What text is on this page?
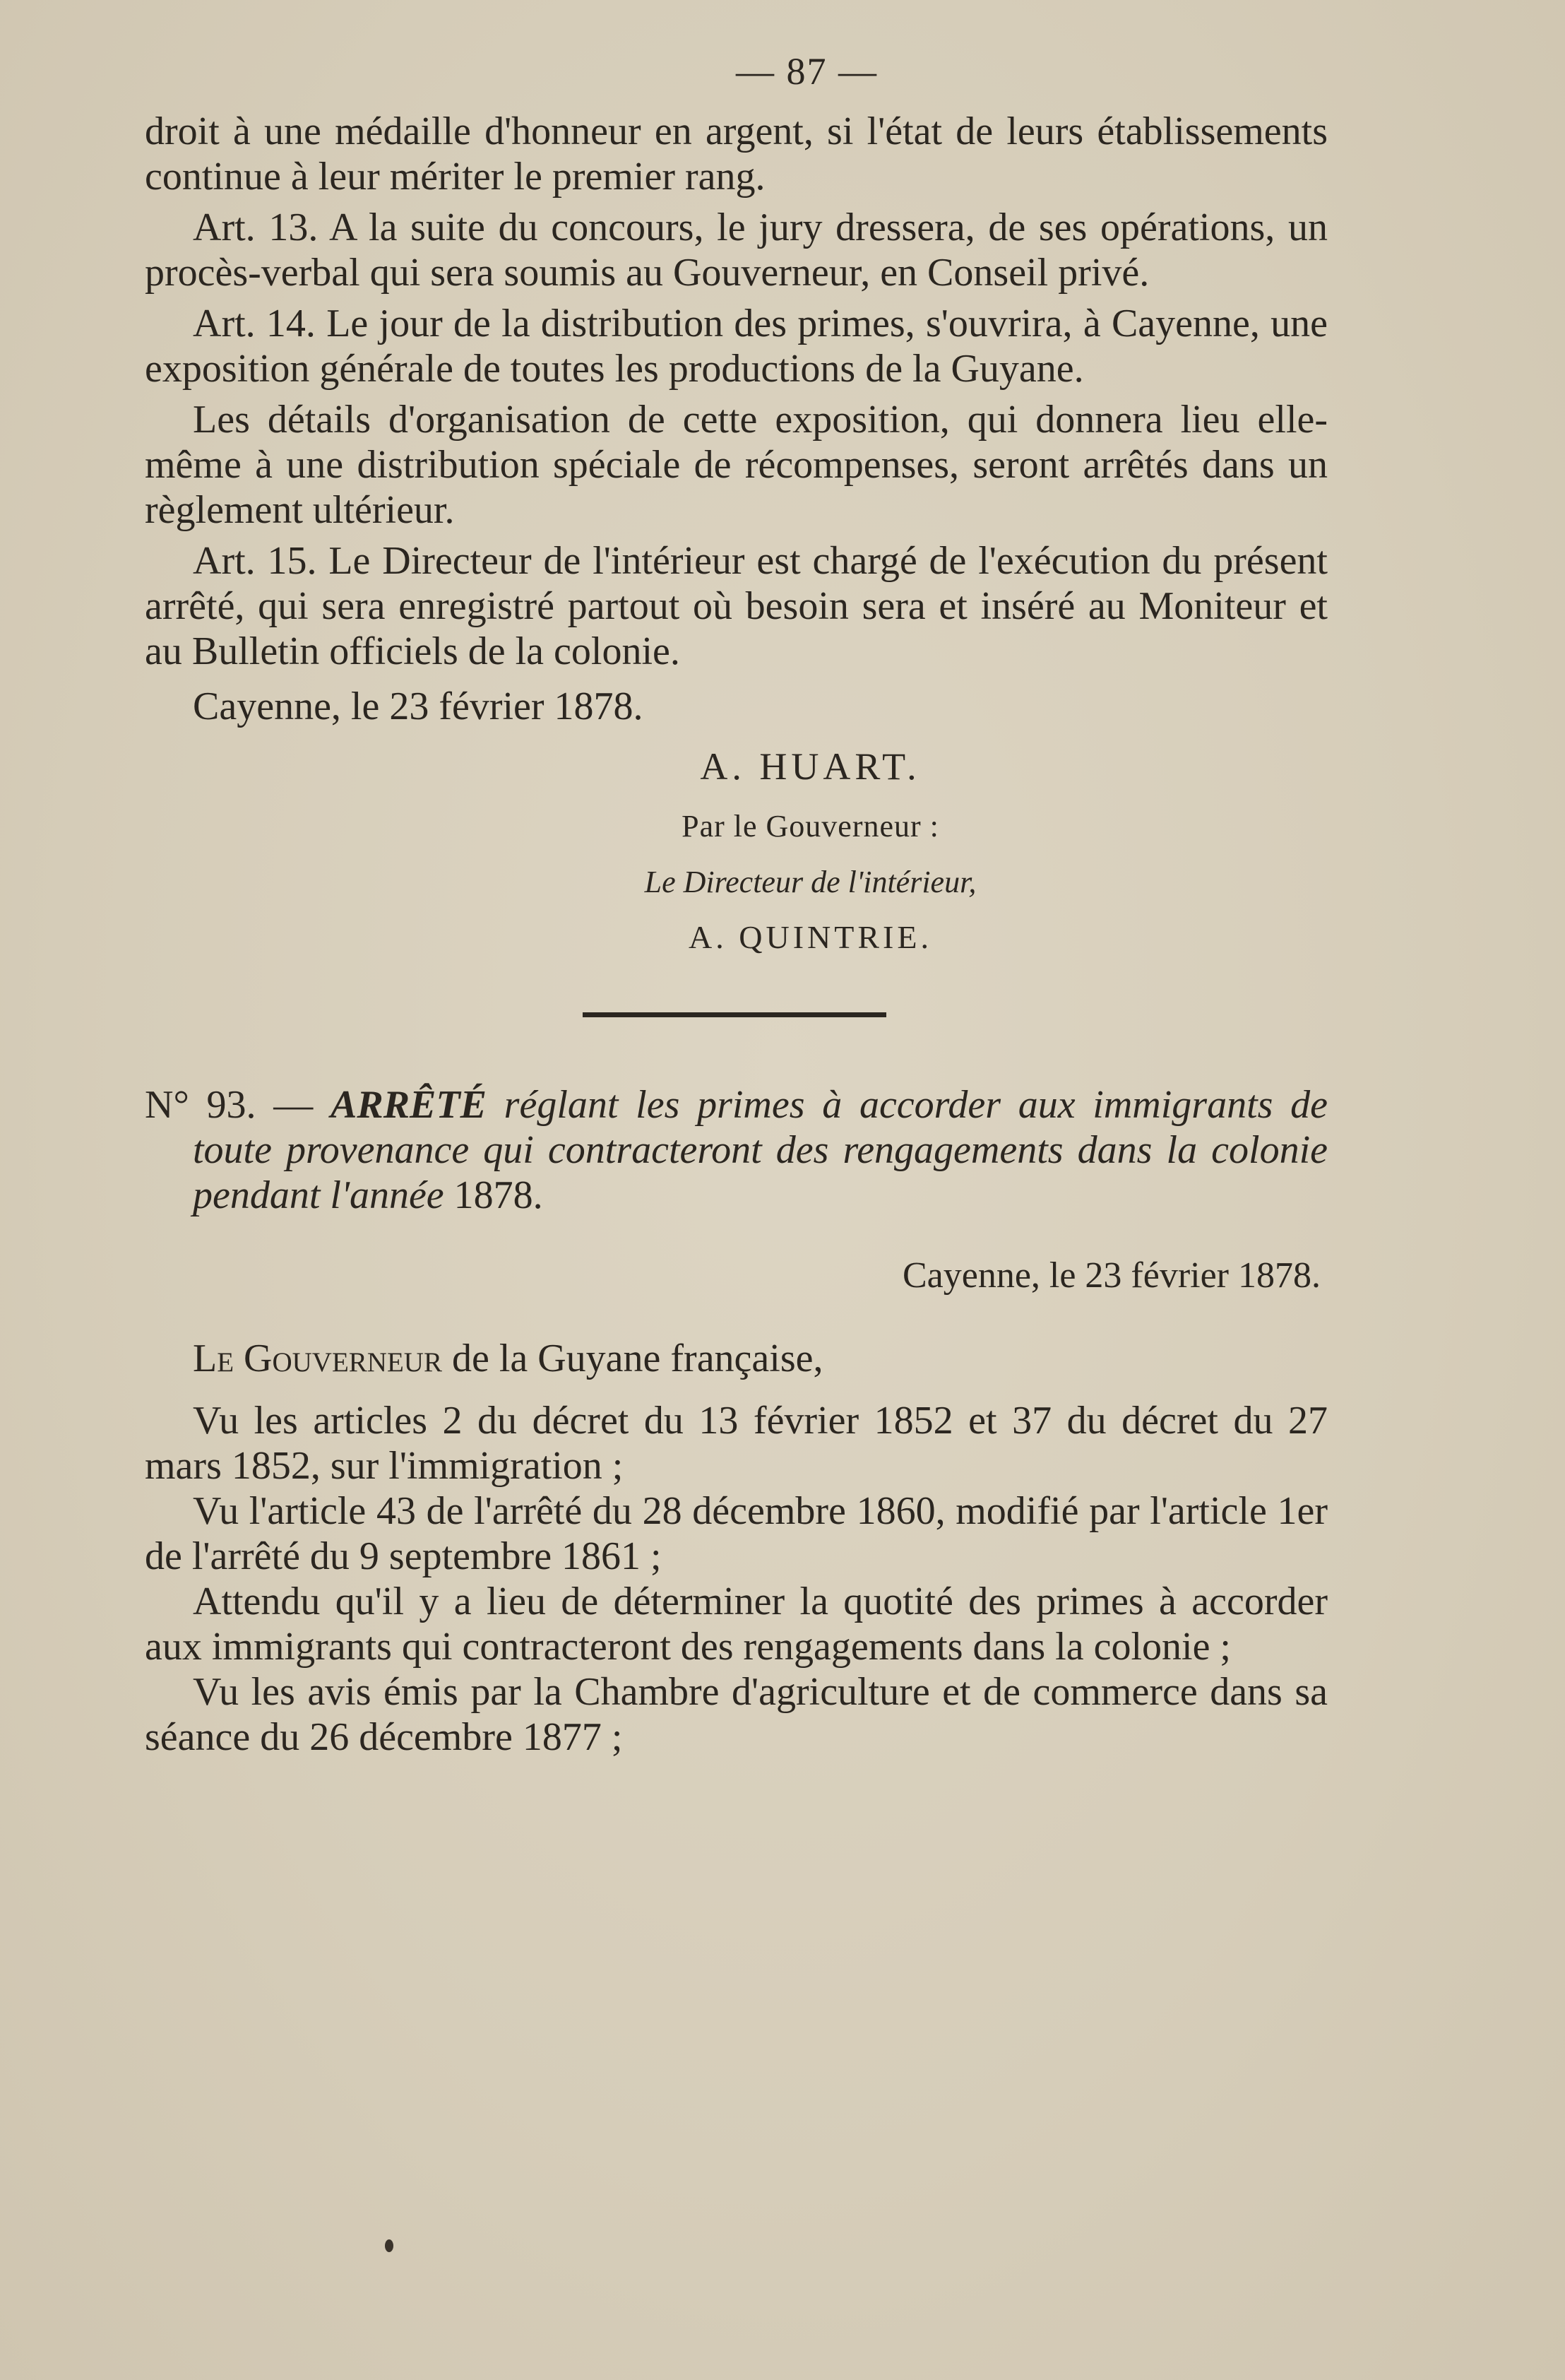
— 87 —

droit à une médaille d'honneur en argent, si l'état de leurs établissements continue à leur mériter le premier rang.

Art. 13. A la suite du concours, le jury dressera, de ses opérations, un procès-verbal qui sera soumis au Gouverneur, en Conseil privé.

Art. 14. Le jour de la distribution des primes, s'ouvrira, à Cayenne, une exposition générale de toutes les productions de la Guyane.

Les détails d'organisation de cette exposition, qui donnera lieu elle-même à une distribution spéciale de récompenses, seront arrêtés dans un règlement ultérieur.

Art. 15. Le Directeur de l'intérieur est chargé de l'exécution du présent arrêté, qui sera enregistré partout où besoin sera et inséré au Moniteur et au Bulletin officiels de la colonie.

Cayenne, le 23 février 1878.

A. HUART.
Par le Gouverneur :
Le Directeur de l'intérieur,
A. QUINTRIE.
N° 93. — ARRÊTÉ réglant les primes à accorder aux immigrants de toute provenance qui contracteront des rengagements dans la colonie pendant l'année 1878.
Cayenne, le 23 février 1878.

Le Gouverneur de la Guyane française,

Vu les articles 2 du décret du 13 février 1852 et 37 du décret du 27 mars 1852, sur l'immigration ;

Vu l'article 43 de l'arrêté du 28 décembre 1860, modifié par l'article 1er de l'arrêté du 9 septembre 1861 ;

Attendu qu'il y a lieu de déterminer la quotité des primes à accorder aux immigrants qui contracteront des rengagements dans la colonie ;

Vu les avis émis par la Chambre d'agriculture et de commerce dans sa séance du 26 décembre 1877 ;
